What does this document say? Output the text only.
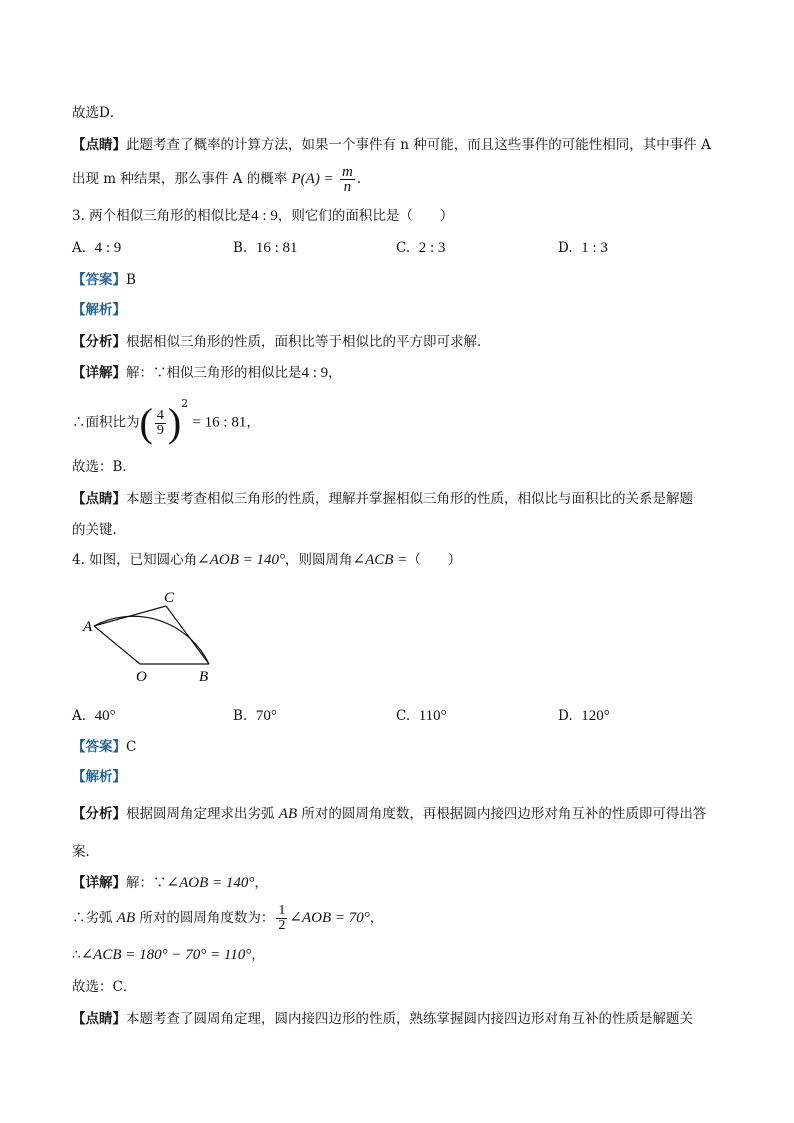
故选D．
【点睛】此题考查了概率的计算方法，如果一个事件有 n 种可能，而且这些事件的可能性相同，其中事件 A
出现 m 种结果，那么事件 A 的概率 $P(A) = \frac{m}{n}$ .
3. 两个相似三角形的相似比是4 : 9，则它们的面积比是（　　）
A. 4 : 9	B. 16 : 81	C. 2 : 3	D. 1 : 3
【答案】B
【解析】
【分析】根据相似三角形的性质，面积比等于相似比的平方即可求解．
【详解】解：∵相似三角形的相似比是4 : 9，
∴面积比为( $\frac{4}{9} )^2 = 16$ : 81，
故选：B．
【点睛】本题主要考查相似三角形的性质，理解并掌握相似三角形的性质，相似比与面积比的关系是解题
的关键．
4. 如图，已知圆心角∠AOB = 140°，则圆周角∠ACB =（　　）
A
C
O	B
A. 40°	B. 70°	C. 110°	D. 120°
【答案】C
【解析】
【分析】根据圆周角定理求出劣弧 AB 所对的圆周角度数，再根据圆内接四边形对角互补的性质即可得出答
案．
【详解】解：∵∠AOB = 140°，
∴劣弧 AB 所对的圆周角度数为： $\frac{1}{2}$ ∠AOB = 70°，
∴∠ACB = 180° − 70° = 110°，
故选：C．
【点睛】本题考查了圆周角定理，圆内接四边形的性质，熟练掌握圆内接四边形对角互补的性质是解题关
